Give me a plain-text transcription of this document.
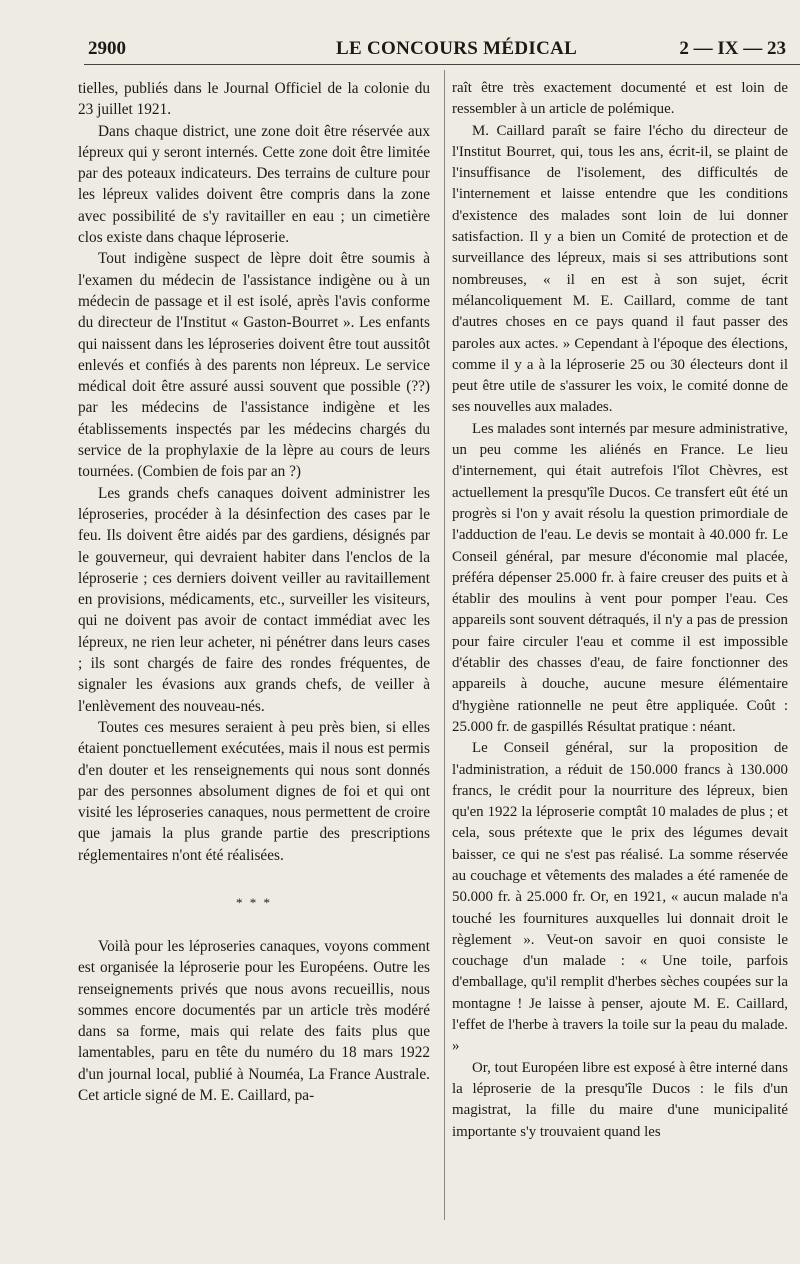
2900	LE CONCOURS MÉDICAL	2 — IX — 23

tielles, publiés dans le Journal Officiel de la colonie du 23 juillet 1921.

Dans chaque district, une zone doit être réservée aux lépreux qui y seront internés. Cette zone doit être limitée par des poteaux indicateurs. Des terrains de culture pour les lépreux valides doivent être compris dans la zone avec possibilité de s'y ravitailler en eau ; un cimetière clos existe dans chaque léproserie.

Tout indigène suspect de lèpre doit être soumis à l'examen du médecin de l'assistance indigène ou à un médecin de passage et il est isolé, après l'avis conforme du directeur de l'Institut « Gaston-Bourret ». Les enfants qui naissent dans les léproseries doivent être tout aussitôt enlevés et confiés à des parents non lépreux. Le service médical doit être assuré aussi souvent que possible (??) par les médecins de l'assistance indigène et les établissements inspectés par les médecins chargés du service de la prophylaxie de la lèpre au cours de leurs tournées. (Combien de fois par an ?)

Les grands chefs canaques doivent administrer les léproseries, procéder à la désinfection des cases par le feu. Ils doivent être aidés par des gardiens, désignés par le gouverneur, qui devraient habiter dans l'enclos de la léproserie ; ces derniers doivent veiller au ravitaillement en provisions, médicaments, etc., surveiller les visiteurs, qui ne doivent pas avoir de contact immédiat avec les lépreux, ne rien leur acheter, ni pénétrer dans leurs cases ; ils sont chargés de faire des rondes fréquentes, de signaler les évasions aux grands chefs, de veiller à l'enlèvement des nouveau-nés.

Toutes ces mesures seraient à peu près bien, si elles étaient ponctuellement exécutées, mais il nous est permis d'en douter et les renseignements qui nous sont donnés par des personnes absolument dignes de foi et qui ont visité les léproseries canaques, nous permettent de croire que jamais la plus grande partie des prescriptions réglementaires n'ont été réalisées.

* * *

Voilà pour les léproseries canaques, voyons comment est organisée la léproserie pour les Européens. Outre les renseignements privés que nous avons recueillis, nous sommes encore documentés par un article très modéré dans sa forme, mais qui relate des faits plus que lamentables, paru en tête du numéro du 18 mars 1922 d'un journal local, publié à Nouméa, La France Australe. Cet article signé de M. E. Caillard, pa-

raît être très exactement documenté et est loin de ressembler à un article de polémique.

M. Caillard paraît se faire l'écho du directeur de l'Institut Bourret, qui, tous les ans, écrit-il, se plaint de l'insuffisance de l'isolement, des difficultés de l'internement et laisse entendre que les conditions d'existence des malades sont loin de lui donner satisfaction. Il y a bien un Comité de protection et de surveillance des lépreux, mais si ses attributions sont nombreuses, « il en est à son sujet, écrit mélancoliquement M. E. Caillard, comme de tant d'autres choses en ce pays quand il faut passer des paroles aux actes. » Cependant à l'époque des élections, comme il y a à la léproserie 25 ou 30 électeurs dont il peut être utile de s'assurer les voix, le comité donne de ses nouvelles aux malades.

Les malades sont internés par mesure administrative, un peu comme les aliénés en France. Le lieu d'internement, qui était autrefois l'îlot Chèvres, est actuellement la presqu'île Ducos. Ce transfert eût été un progrès si l'on y avait résolu la question primordiale de l'adduction de l'eau. Le devis se montait à 40.000 fr. Le Conseil général, par mesure d'économie mal placée, préféra dépenser 25.000 fr. à faire creuser des puits et à établir des moulins à vent pour pomper l'eau. Ces appareils sont souvent détraqués, il n'y a pas de pression pour faire circuler l'eau et comme il est impossible d'établir des chasses d'eau, de faire fonctionner des appareils à douche, aucune mesure élémentaire d'hygiène rationnelle ne peut être appliquée. Coût : 25.000 fr. de gaspillés Résultat pratique : néant.

Le Conseil général, sur la proposition de l'administration, a réduit de 150.000 francs à 130.000 francs, le crédit pour la nourriture des lépreux, bien qu'en 1922 la léproserie comptât 10 malades de plus ; et cela, sous prétexte que le prix des légumes devait baisser, ce qui ne s'est pas réalisé. La somme réservée au couchage et vêtements des malades a été ramenée de 50.000 fr. à 25.000 fr. Or, en 1921, « aucun malade n'a touché les fournitures auxquelles lui donnait droit le règlement ». Veut-on savoir en quoi consiste le couchage d'un malade : « Une toile, parfois d'emballage, qu'il remplit d'herbes sèches coupées sur la montagne ! Je laisse à penser, ajoute M. E. Caillard, l'effet de l'herbe à travers la toile sur la peau du malade. »

Or, tout Européen libre est exposé à être interné dans la léproserie de la presqu'île Ducos : le fils d'un magistrat, la fille du maire d'une municipalité importante s'y trouvaient quand les
